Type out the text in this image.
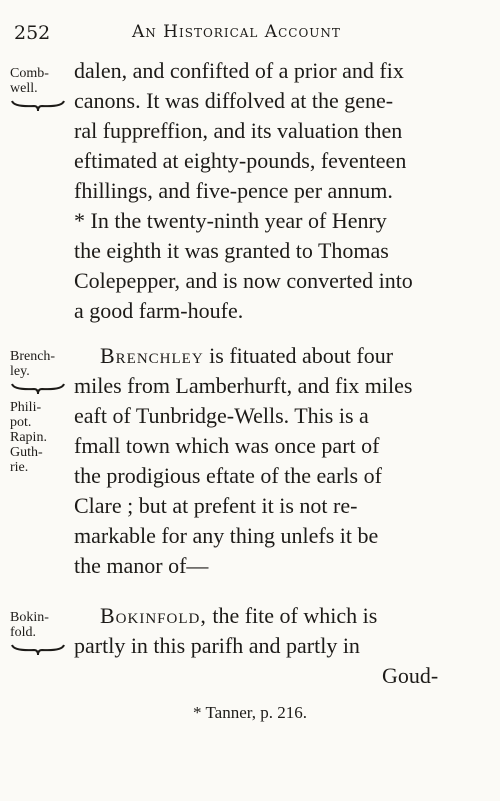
252	An Historical Account
Comb-
well.
dalen, and confifted of a prior and fix
canons. It was diffolved at the gene-
ral fuppreffion, and its valuation then
eftimated at eighty-pounds, feventeen
fhillings, and five-pence per annum.
* In the twenty-ninth year of Henry
the eighth it was granted to Thomas
Colepepper, and is now converted into
a good farm-houfe.
Brench-
ley.
Phili-
pot.
Rapin.
Guth-
rie.
Brenchley is fituated about four
miles from Lamberhurft, and fix miles
eaft of Tunbridge-Wells. This is a
fmall town which was once part of
the prodigious eftate of the earls of
Clare ; but at prefent it is not re-
markable for any thing unlefs it be
the manor of—
Bokin-
fold.
Bokinfold, the fite of which is
partly in this parifh and partly in
Goud-
* Tanner, p. 216.
